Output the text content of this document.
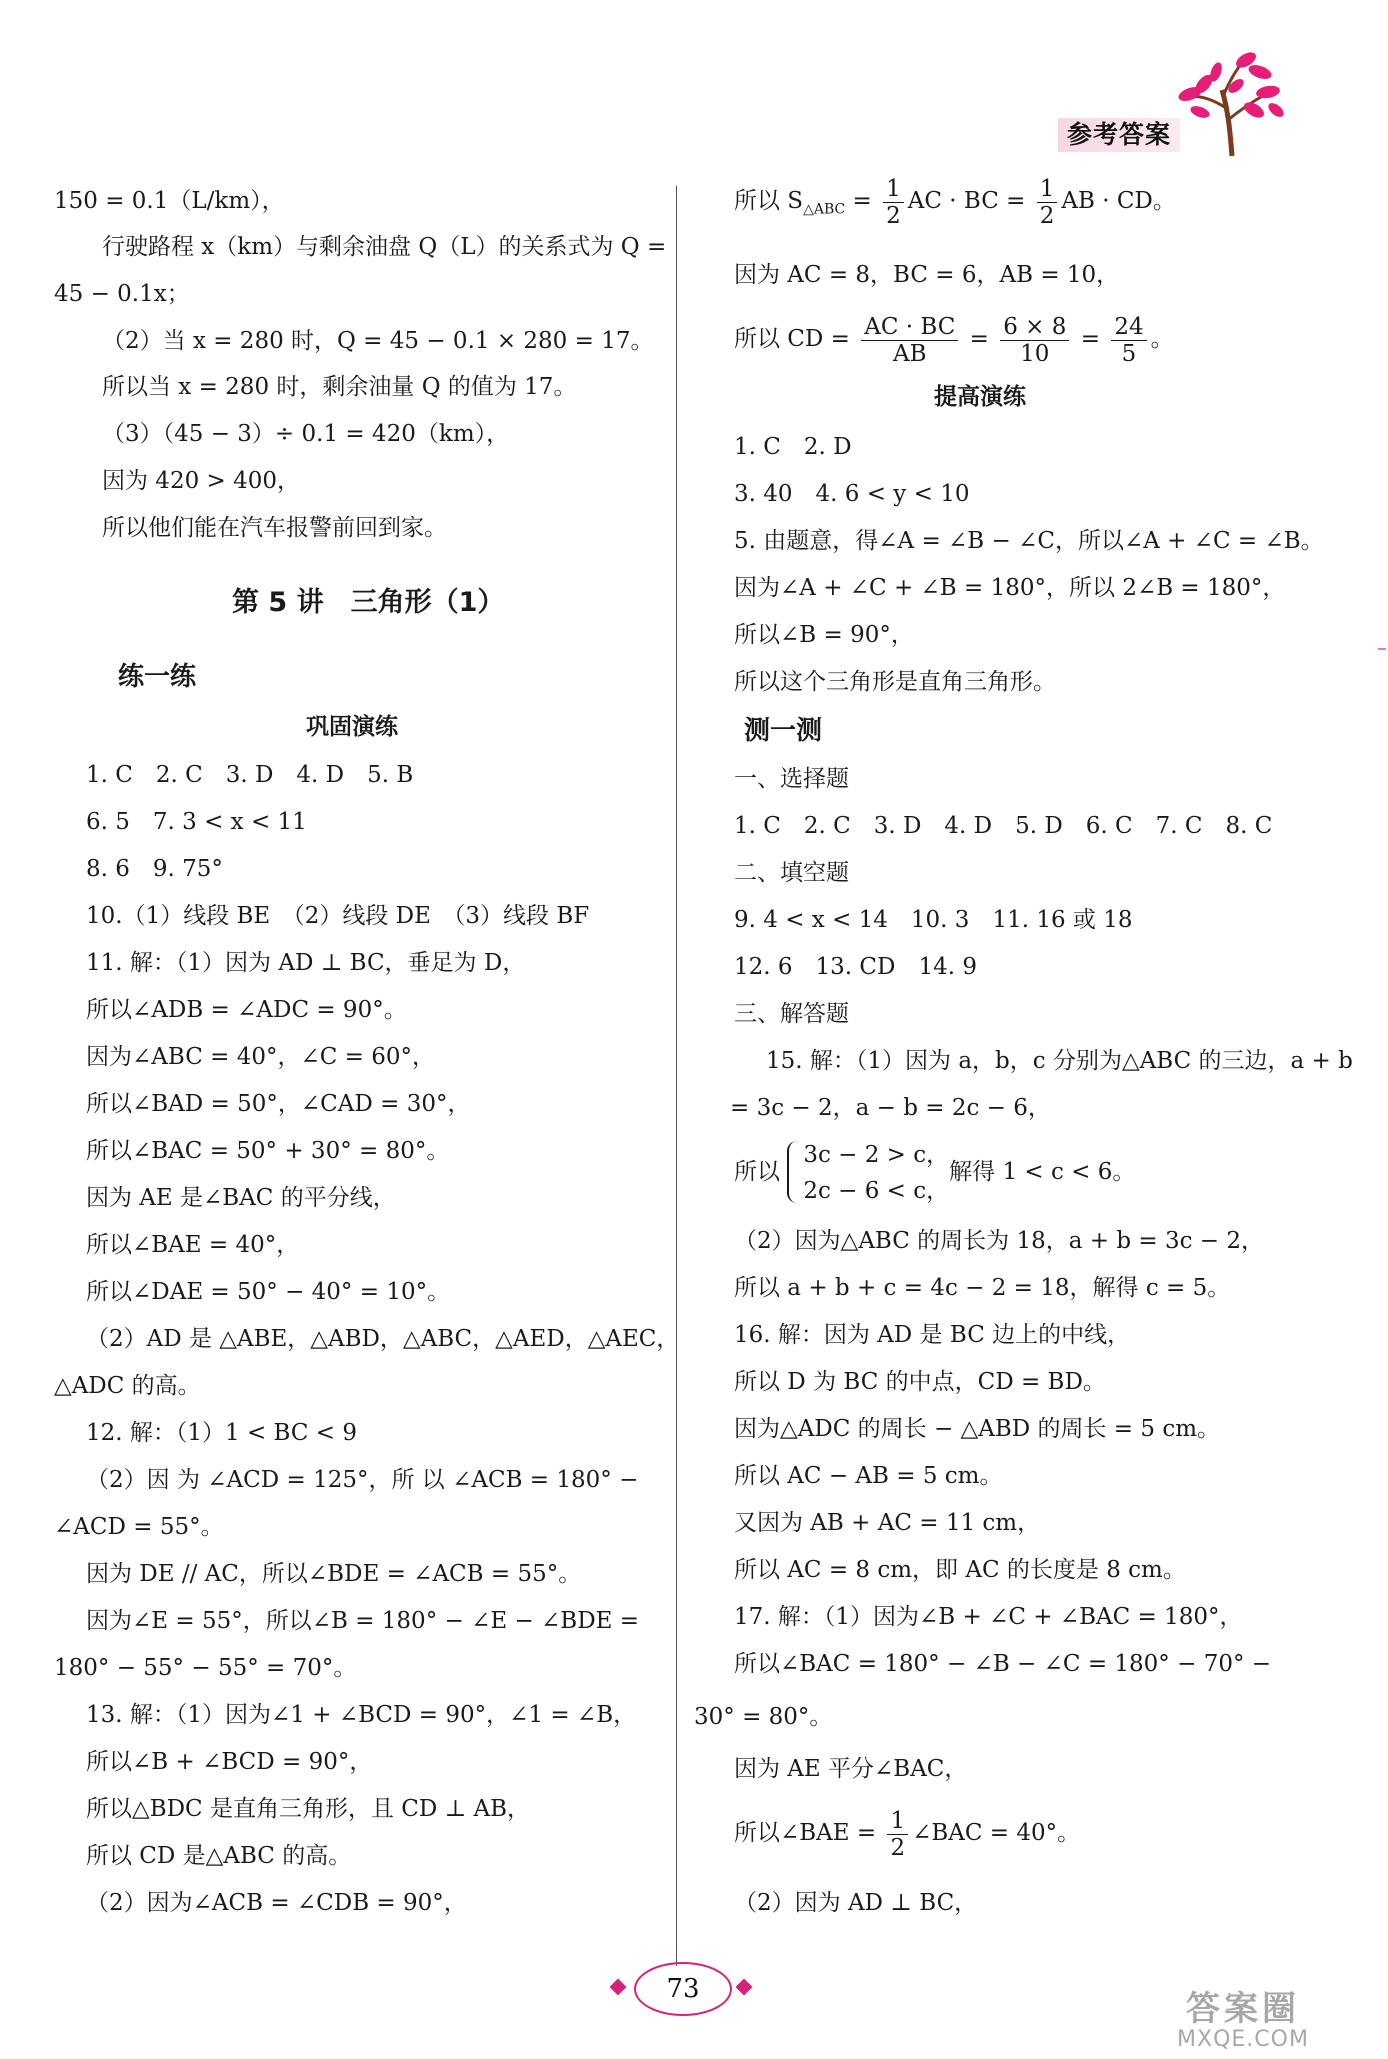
参考答案
150 = 0.1（L/km），
行驶路程 x（km）与剩余油盘 Q（L）的关系式为 Q =
45 − 0.1x；
（2）当 x = 280 时，Q = 45 − 0.1 × 280 = 17。
所以当 x = 280 时，剩余油量 Q 的值为 17。
（3）（45 − 3）÷ 0.1 = 420（km），
因为 420 > 400，
所以他们能在汽车报警前回到家。
第 5 讲　三角形（1）
练一练
巩固演练
1. C　2. C　3. D　4. D　5. B
6. 5　7. 3 < x < 11
8. 6　9. 75°
10.（1）线段 BE　（2）线段 DE　（3）线段 BF
11. 解：（1）因为 AD ⊥ BC，垂足为 D，
所以∠ADB = ∠ADC = 90°。
因为∠ABC = 40°，∠C = 60°，
所以∠BAD = 50°，∠CAD = 30°，
所以∠BAC = 50° + 30° = 80°。
因为 AE 是∠BAC 的平分线，
所以∠BAE = 40°，
所以∠DAE = 50° − 40° = 10°。
（2）AD 是 △ABE，△ABD，△ABC，△AED，△AEC，
△ADC 的高。
12. 解：（1）1 < BC < 9
（2）因 为 ∠ACD = 125°，所 以 ∠ACB = 180° −
∠ACD = 55°。
因为 DE // AC，所以∠BDE = ∠ACB = 55°。
因为∠E = 55°，所以∠B = 180° − ∠E − ∠BDE =
180° − 55° − 55° = 70°。
13. 解：（1）因为∠1 + ∠BCD = 90°，∠1 = ∠B，
所以∠B + ∠BCD = 90°，
所以△BDC 是直角三角形，且 CD ⊥ AB，
所以 CD 是△ABC 的高。
（2）因为∠ACB = ∠CDB = 90°，
所以 $S_{\triangle ABC} = \frac{1}{2}$ AC · BC = $\frac{1}{2}$ AB · CD。
因为 AC = 8，BC = 6，AB = 10，
所以 CD = $\frac{AC \cdot BC}{AB} = \frac{6 \times 8}{10} = \frac{24}{5}$ 。
提高演练
1. C　2. D
3. 40　4. 6 < y < 10
5. 由题意，得∠A = ∠B − ∠C，所以∠A + ∠C = ∠B。
因为∠A + ∠C + ∠B = 180°，所以 2∠B = 180°，
所以∠B = 90°，
所以这个三角形是直角三角形。
测一测
一、选择题
1. C　2. C　3. D　4. D　5. D　6. C　7. C　8. C
二、填空题
9. 4 < x < 14　10. 3　11. 16 或 18
12. 6　13. CD　14. 9
三、解答题
15. 解：（1）因为 a，b，c 分别为△ABC 的三边，a + b
= 3c − 2，a − b = 2c − 6，
所以
3c − 2 > c，
2c − 6 < c，
解得 1 < c < 6。
（2）因为△ABC 的周长为 18，a + b = 3c − 2，
所以 a + b + c = 4c − 2 = 18，解得 c = 5。
16. 解：因为 AD 是 BC 边上的中线，
所以 D 为 BC 的中点，CD = BD。
因为△ADC 的周长 − △ABD 的周长 = 5 cm。
所以 AC − AB = 5 cm。
又因为 AB + AC = 11 cm，
所以 AC = 8 cm，即 AC 的长度是 8 cm。
17. 解：（1）因为∠B + ∠C + ∠BAC = 180°，
所以∠BAC = 180° − ∠B − ∠C = 180° − 70° −
30° = 80°。
因为 AE 平分∠BAC，
所以∠BAE = $\frac{1}{2}$ ∠BAC = 40°。
（2）因为 AD ⊥ BC，
73	答案圈
MXQE.COM
